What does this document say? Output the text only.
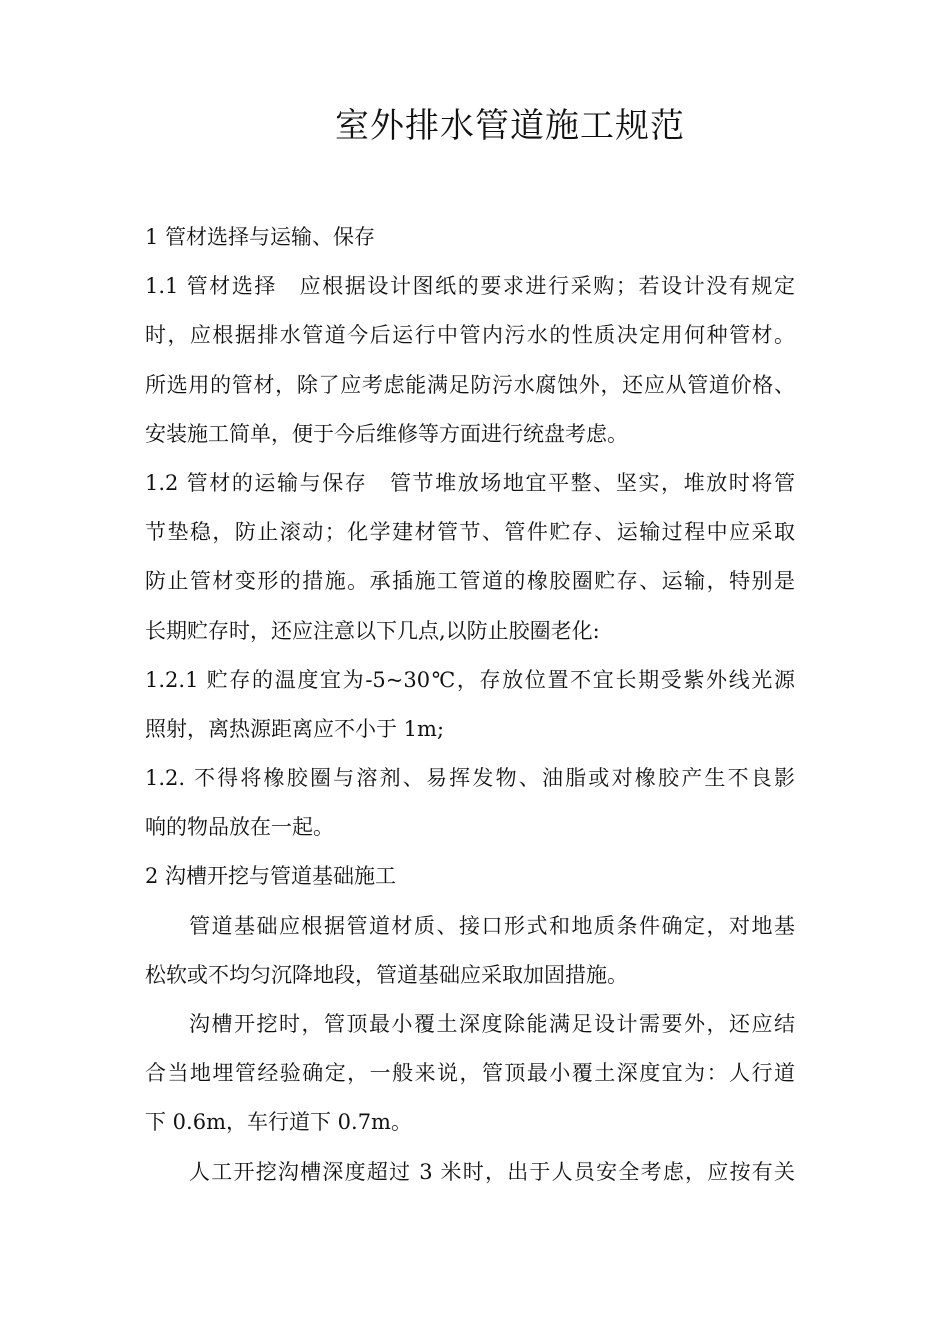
室外排水管道施工规范
1 管材选择与运输、保存
1.1 管材选择　应根据设计图纸的要求进行采购；若设计没有规定
时，应根据排水管道今后运行中管内污水的性质决定用何种管材。
所选用的管材，除了应考虑能满足防污水腐蚀外，还应从管道价格、
安装施工简单，便于今后维修等方面进行统盘考虑。
1.2 管材的运输与保存　管节堆放场地宜平整、坚实，堆放时将管
节垫稳，防止滚动；化学建材管节、管件贮存、运输过程中应采取
防止管材变形的措施。承插施工管道的橡胶圈贮存、运输，特别是
长期贮存时，还应注意以下几点,以防止胶圈老化:
1.2.1 贮存的温度宜为-5~30℃，存放位置不宜长期受紫外线光源
照射，离热源距离应不小于 1m;
1.2. 不得将橡胶圈与溶剂、易挥发物、油脂或对橡胶产生不良影
响的物品放在一起。
2 沟槽开挖与管道基础施工
管道基础应根据管道材质、接口形式和地质条件确定，对地基
松软或不均匀沉降地段，管道基础应采取加固措施。
沟槽开挖时，管顶最小覆土深度除能满足设计需要外，还应结
合当地埋管经验确定，一般来说，管顶最小覆土深度宜为：人行道
下 0.6m，车行道下 0.7m。
人工开挖沟槽深度超过 3 米时，出于人员安全考虑，应按有关
